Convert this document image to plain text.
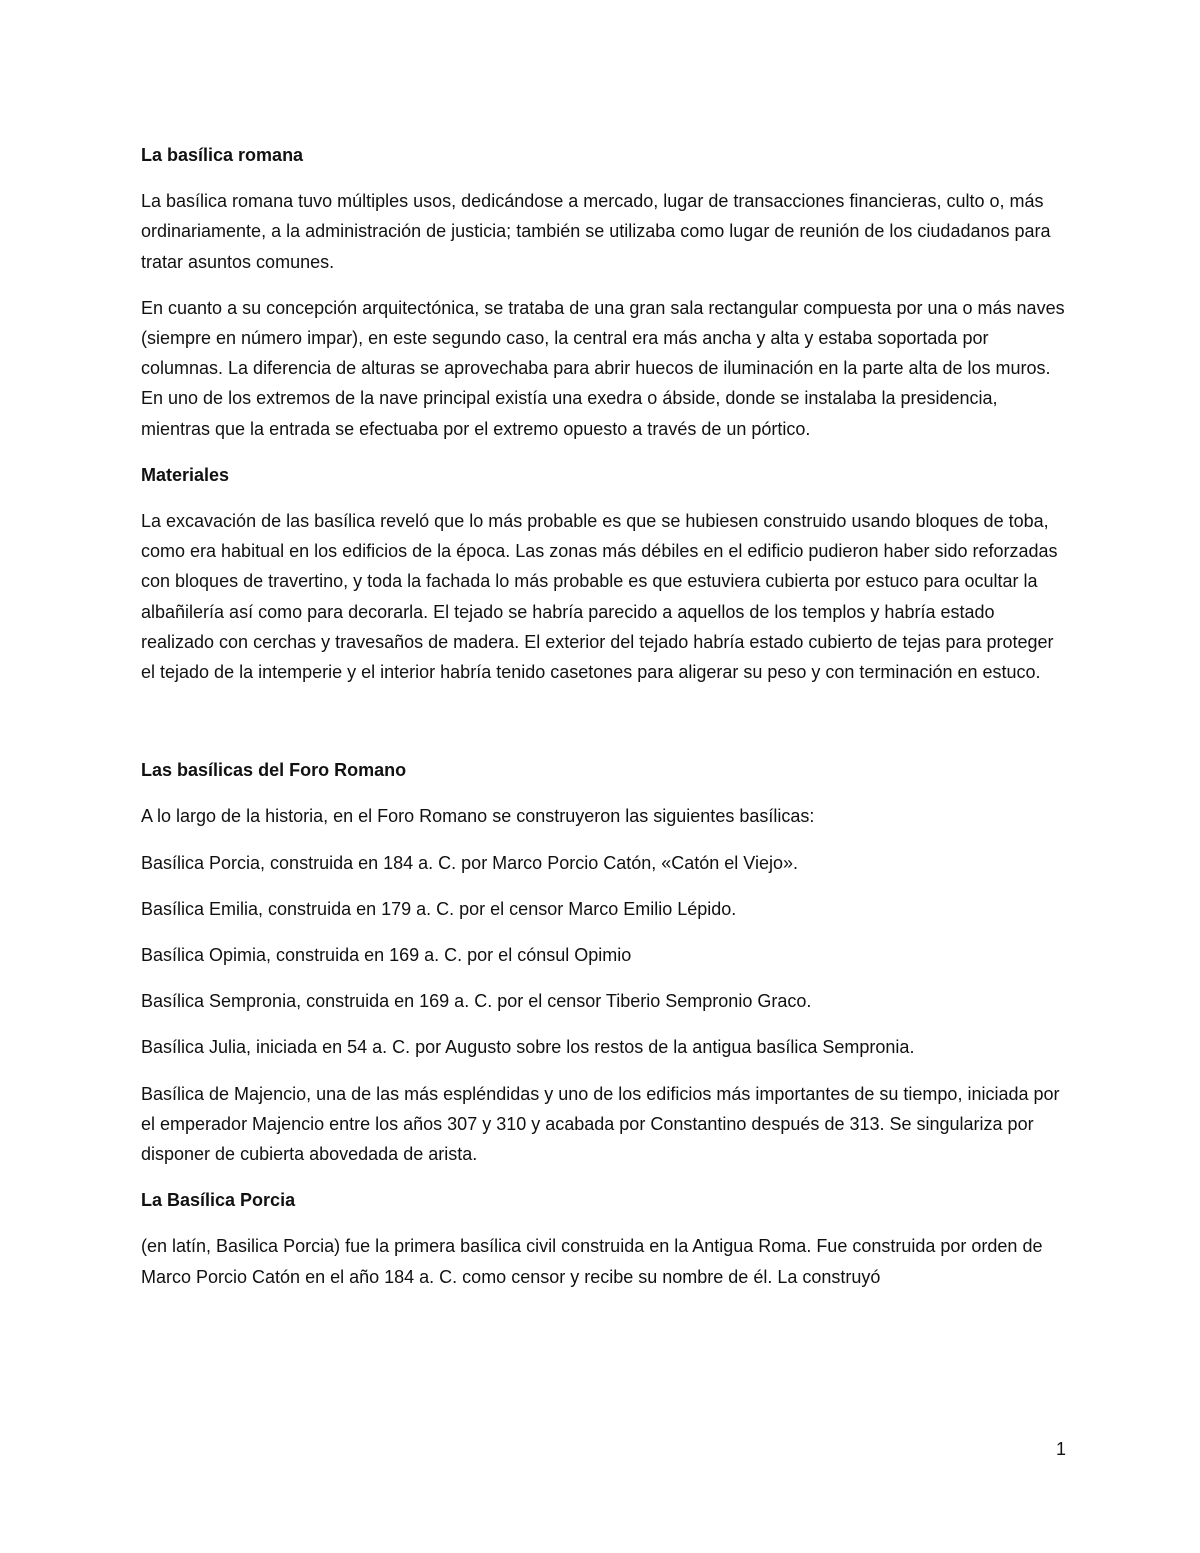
La basílica romana
La basílica romana tuvo múltiples usos, dedicándose a mercado, lugar de transacciones financieras, culto o, más ordinariamente, a la administración de justicia; también se utilizaba como lugar de reunión de los ciudadanos para tratar asuntos comunes.
En cuanto a su concepción arquitectónica, se trataba de una gran sala rectangular compuesta por una o más naves (siempre en número impar), en este segundo caso, la central era más ancha y alta y estaba soportada por columnas. La diferencia de alturas se aprovechaba para abrir huecos de iluminación en la parte alta de los muros. En uno de los extremos de la nave principal existía una exedra o ábside, donde se instalaba la presidencia, mientras que la entrada se efectuaba por el extremo opuesto a través de un pórtico.
Materiales
La excavación de las basílica reveló que lo más probable es que se hubiesen construido usando bloques de toba, como era habitual en los edificios de la época. Las zonas más débiles en el edificio pudieron haber sido reforzadas con bloques de travertino, y toda la fachada lo más probable es que estuviera cubierta por estuco para ocultar la albañilería así como para decorarla. El tejado se habría parecido a aquellos de los templos y habría estado realizado con cerchas y travesaños de madera. El exterior del tejado habría estado cubierto de tejas para proteger el tejado de la intemperie y el interior habría tenido casetones para aligerar su peso y con terminación en estuco.
Las basílicas del Foro Romano
A lo largo de la historia, en el Foro Romano se construyeron las siguientes basílicas:
Basílica Porcia, construida en 184 a. C. por Marco Porcio Catón, «Catón el Viejo».
Basílica Emilia, construida en 179 a. C. por el censor Marco Emilio Lépido.
Basílica Opimia, construida en 169 a. C. por el cónsul Opimio
Basílica Sempronia, construida en 169 a. C. por el censor Tiberio Sempronio Graco.
Basílica Julia, iniciada en 54 a. C. por Augusto sobre los restos de la antigua basílica Sempronia.
Basílica de Majencio, una de las más espléndidas y uno de los edificios más importantes de su tiempo, iniciada por el emperador Majencio entre los años 307 y 310 y acabada por Constantino después de 313. Se singulariza por disponer de cubierta abovedada de arista.
La Basílica Porcia
(en latín, Basilica Porcia) fue la primera basílica civil construida en la Antigua Roma. Fue construida por orden de Marco Porcio Catón en el año 184 a. C. como censor y recibe su nombre de él. La construyó
1
